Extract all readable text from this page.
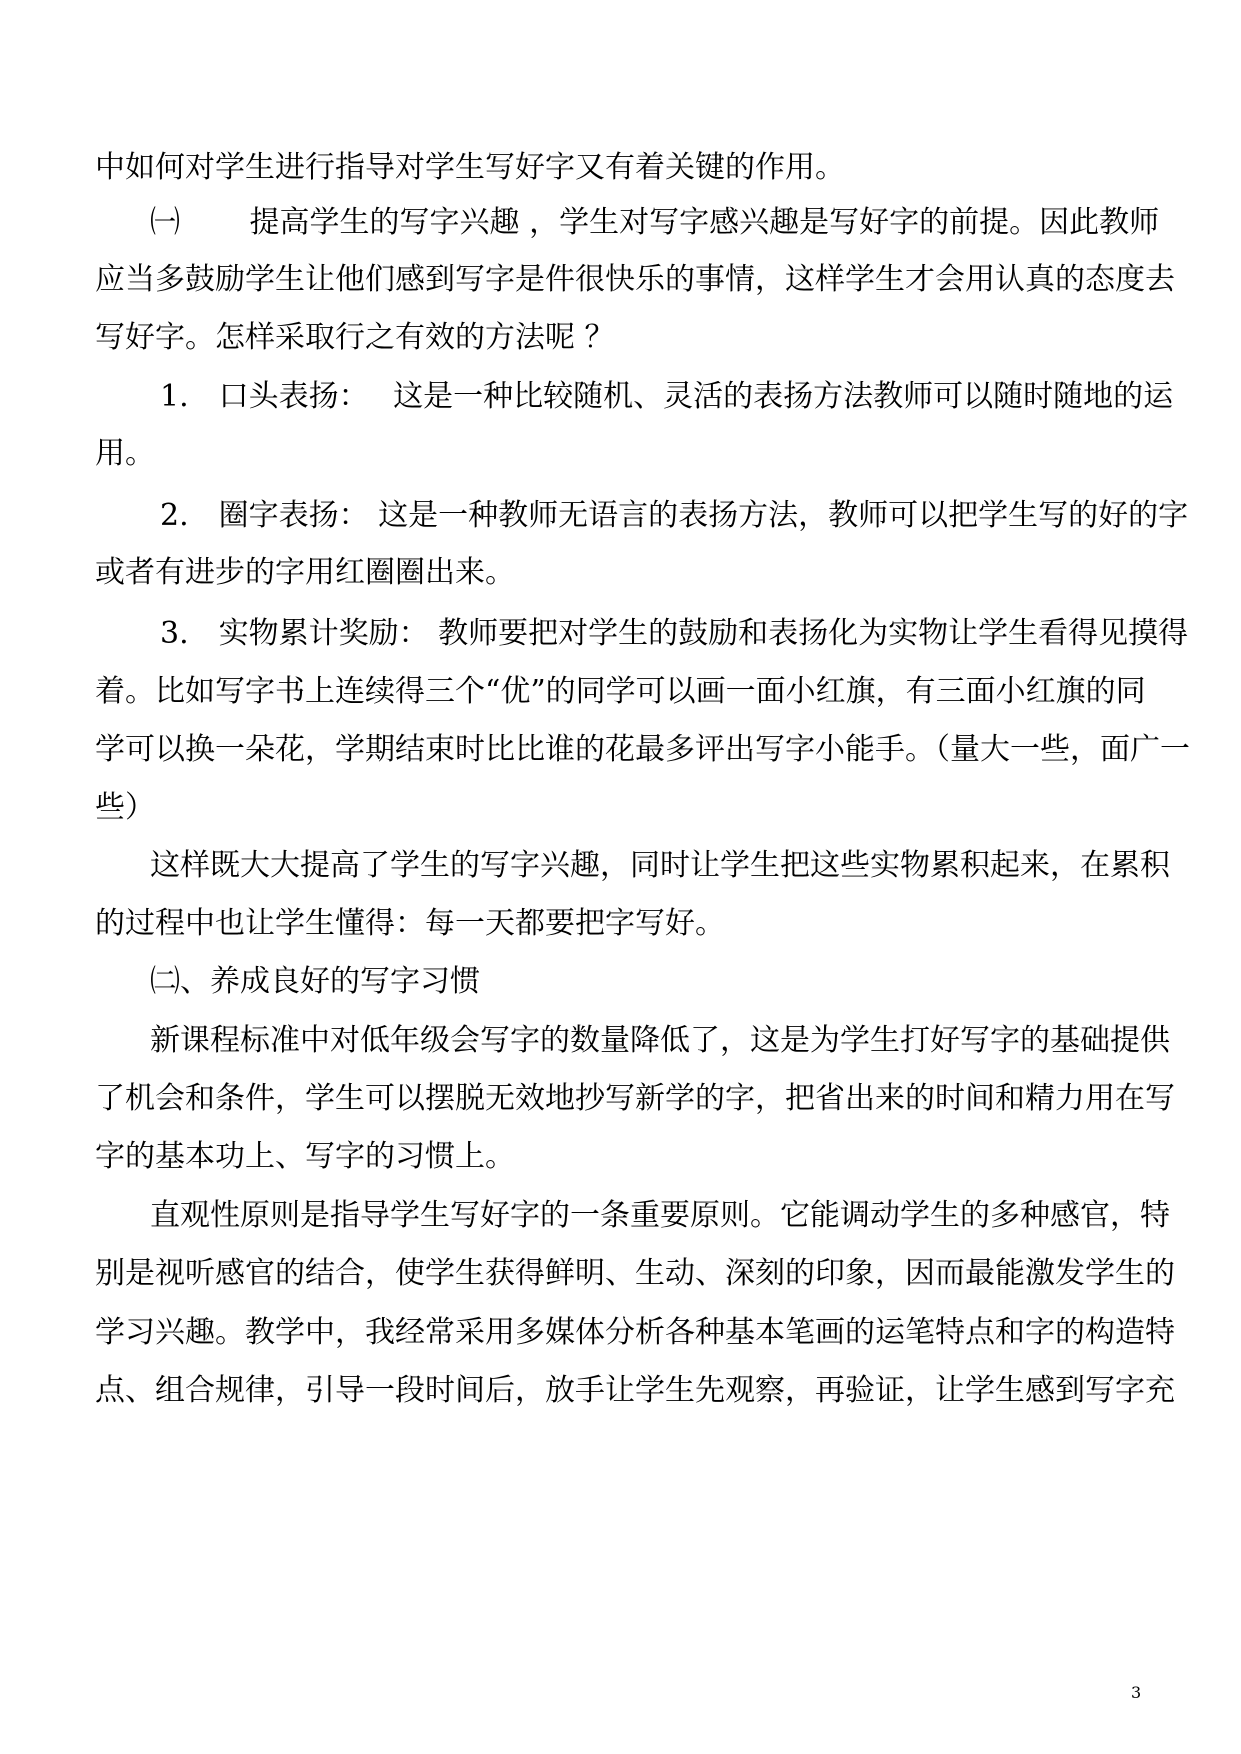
中如何对学生进行指导对学生写好字又有着关键的作用。
㈠　　 提高学生的写字兴趣 ，学生对写字感兴趣是写好字的前提。因此教师
应当多鼓励学生让他们感到写字是件很快乐的事情，这样学生才会用认真的态度去
写好字。怎样采取行之有效的方法呢 ？
1.　口头表扬：　 这是一种比较随机、灵活的表扬方法教师可以随时随地的运
用。
2.　圈字表扬： 这是一种教师无语言的表扬方法，教师可以把学生写的好的字
或者有进步的字用红圈圈出来。
3.　实物累计奖励： 教师要把对学生的鼓励和表扬化为实物让学生看得见摸得
着。比如写字书上连续得三个“优”的同学可以画一面小红旗，有三面小红旗的同
学可以换一朵花，学期结束时比比谁的花最多评出写字小能手。（量大一些，面广一
些）
这样既大大提高了学生的写字兴趣，同时让学生把这些实物累积起来，在累积
的过程中也让学生懂得：每一天都要把字写好。
㈡、养成良好的写字习惯
新课程标准中对低年级会写字的数量降低了，这是为学生打好写字的基础提供
了机会和条件，学生可以摆脱无效地抄写新学的字，把省出来的时间和精力用在写
字的基本功上、写字的习惯上。
直观性原则是指导学生写好字的一条重要原则。它能调动学生的多种感官，特
别是视听感官的结合，使学生获得鲜明、生动、深刻的印象，因而最能激发学生的
学习兴趣。教学中，我经常采用多媒体分析各种基本笔画的运笔特点和字的构造特
点、组合规律，引导一段时间后，放手让学生先观察，再验证，让学生感到写字充
3
